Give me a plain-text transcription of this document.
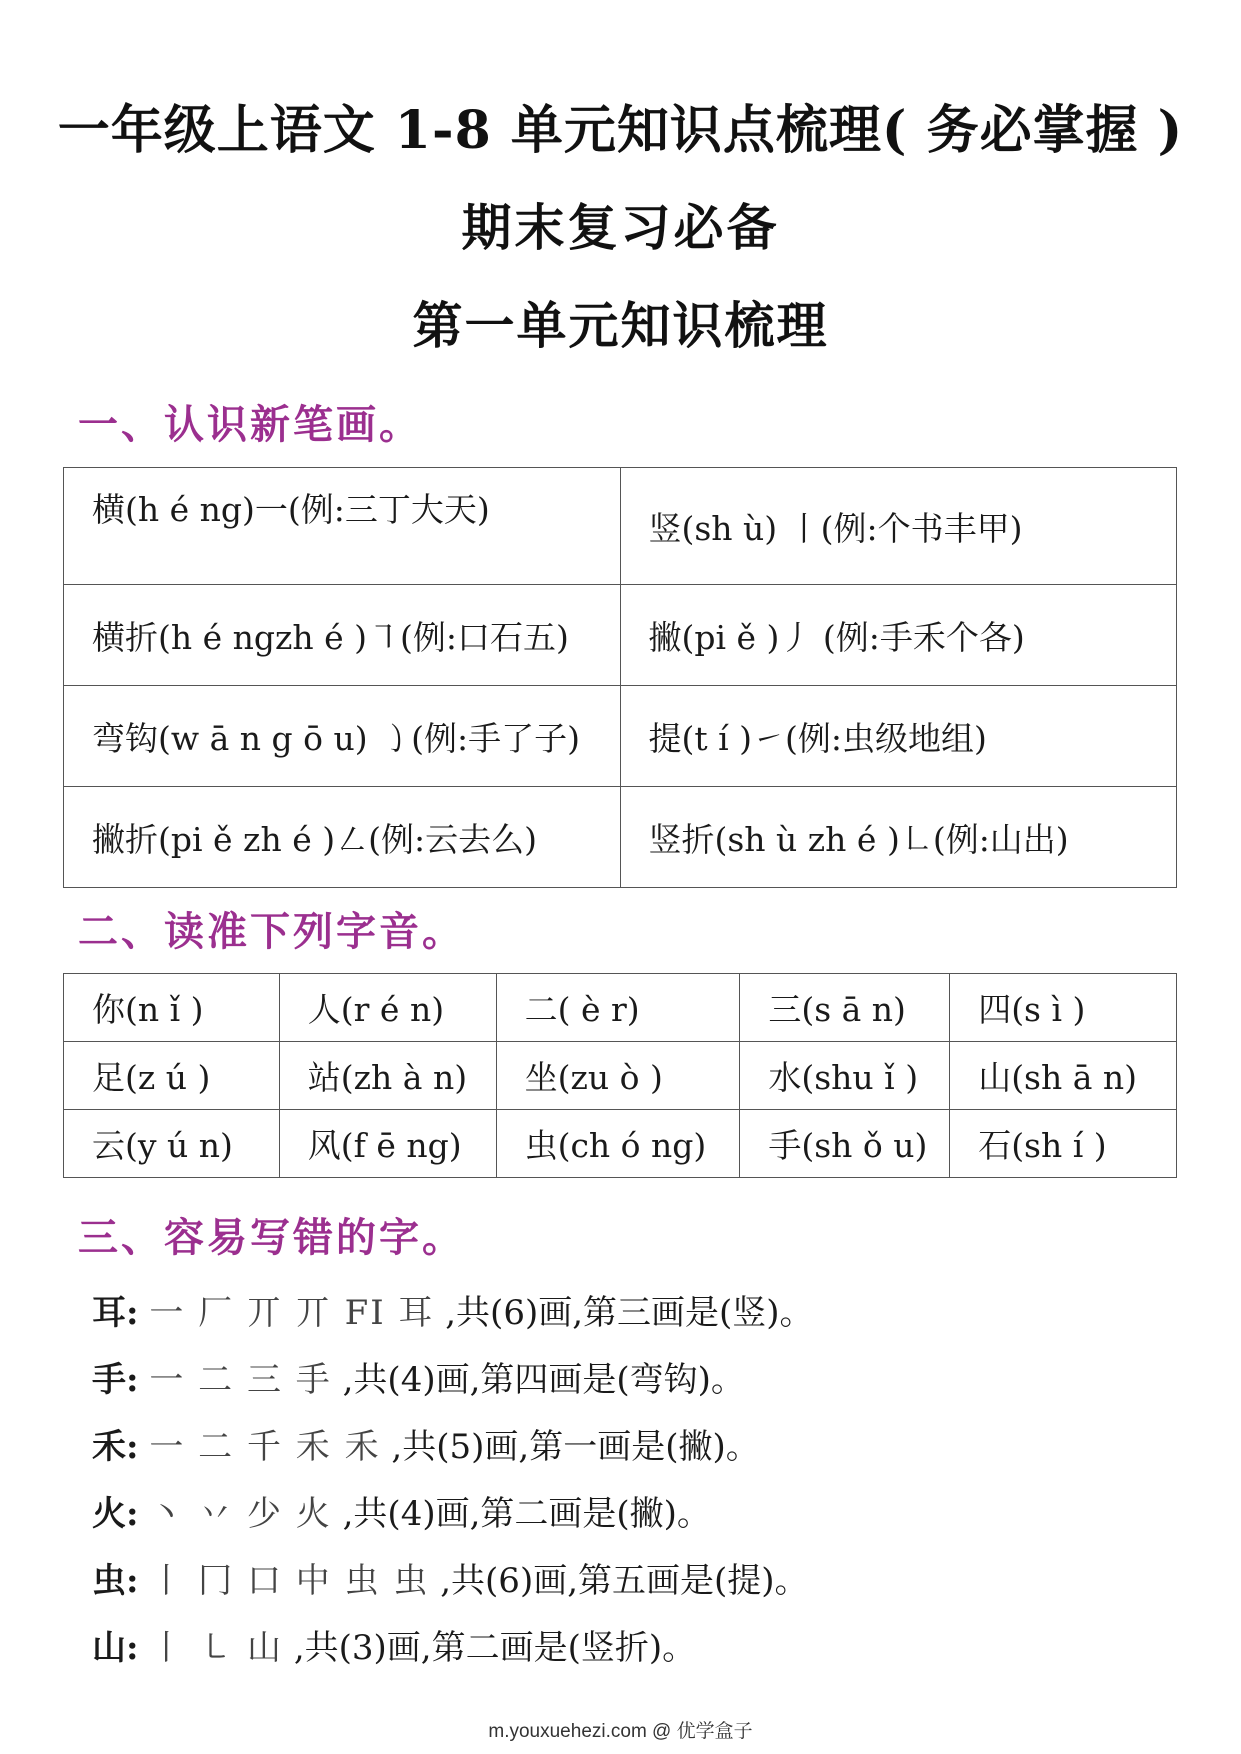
一年级上语文 1-8 单元知识点梳理( 务必掌握 )
期末复习必备
第一单元知识梳理
一、认识新笔画。
横(h é ng)一(例:三丁大天)	竖(sh ù) 丨(例:个书丰甲)
横折(h é ngzh é )㇕(例:口石五)	撇(pi ě )丿 (例:手禾个各)
弯钩(w ā n g ō u) ㇁(例:手了子)	提(t í )㇀(例:虫级地组)
撇折(pi ě zh é )㇜(例:云去么)	竖折(sh ù zh é )㇗(例:山出)
二、读准下列字音。
你(n ǐ )	人(r é n)	二( è r)	三(s ā n)	四(s ì )
足(z ú )	站(zh à n)	坐(zu ò )	水(shu ǐ )	山(sh ā n)
云(y ú n)	风(f ē ng)	虫(ch ó ng)	手(sh ǒ u)	石(sh í )
三、容易写错的字。
耳: 一 厂 丌 丌 FI 耳 ,共(6)画,第三画是(竖)。
手: 一 二 三 手 ,共(4)画,第四画是(弯钩)。
禾: 一 二 千 禾 禾 ,共(5)画,第一画是(撇)。
火: 丶 丷 少 火 ,共(4)画,第二画是(撇)。
虫: 丨 冂 口 中 虫 虫 ,共(6)画,第五画是(提)。
山: 丨 ㇄ 山 ,共(3)画,第二画是(竖折)。
m.youxuehezi.com @ 优学盒子
